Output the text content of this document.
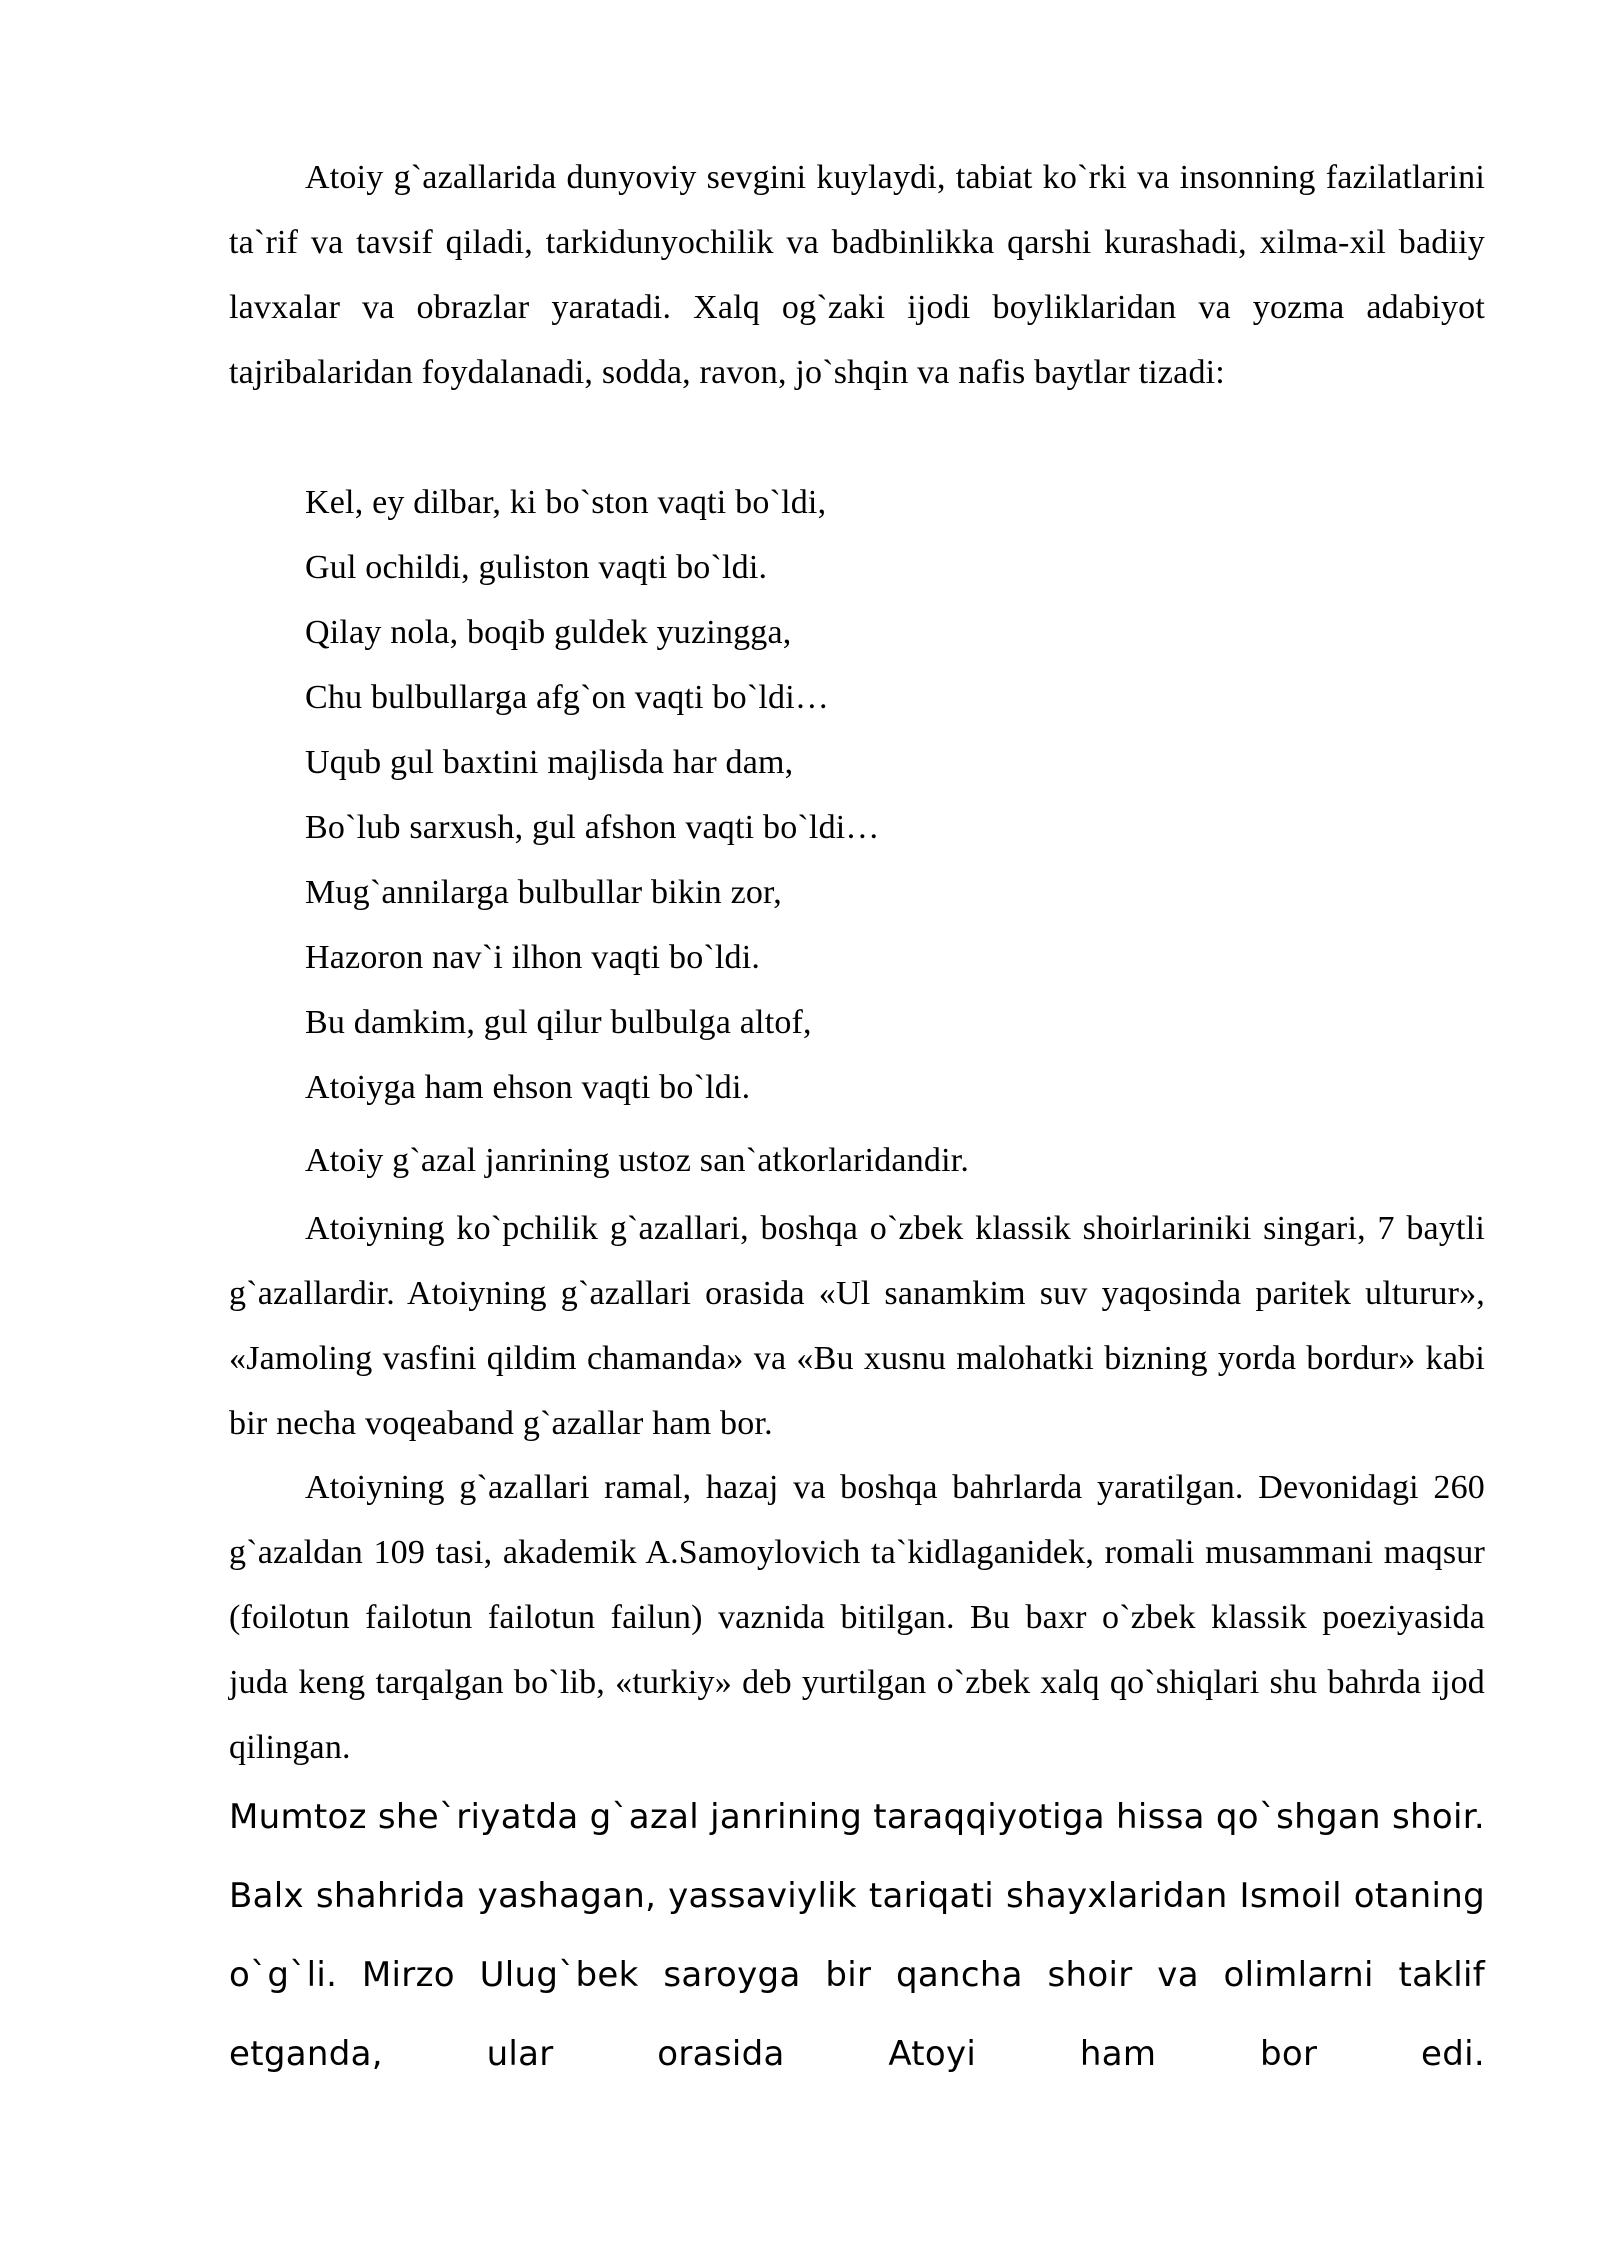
Atoiy g`azallarida dunyoviy sevgini kuylaydi, tabiat ko`rki va insonning fazilatlarini ta`rif va tavsif qiladi, tarkidunyochilik va badbinlikka qarshi kurashadi, xilma-xil badiiy lavxalar va obrazlar yaratadi. Xalq og`zaki ijodi boyliklaridan va yozma adabiyot tajribalaridan foydalanadi, sodda, ravon, jo`shqin va nafis baytlar tizadi:

Kel, ey dilbar, ki bo`ston vaqti bo`ldi,
Gul ochildi, guliston vaqti bo`ldi.
Qilay nola, boqib guldek yuzingga,
Chu bulbullarga afg`on vaqti bo`ldi…
Uqub gul baxtini majlisda har dam,
Bo`lub sarxush, gul afshon vaqti bo`ldi…
Mug`annilarga bulbullar bikin zor,
Hazoron nav`i ilhon vaqti bo`ldi.
Bu damkim, gul qilur bulbulga altof,
Atoiyga ham ehson vaqti bo`ldi.

Atoiy g`azal janrining ustoz san`atkorlaridandir.

Atoiyning ko`pchilik g`azallari, boshqa o`zbek klassik shoirlariniki singari, 7 baytli g`azallardir. Atoiyning g`azallari orasida «Ul sanamkim suv yaqosinda paritek ulturur», «Jamoling vasfini qildim chamanda» va «Bu xusnu malohatki bizning yorda bordur» kabi bir necha voqeaband g`azallar ham bor.

Atoiyning g`azallari ramal, hazaj va boshqa bahrlarda yaratilgan. Devonidagi 260 g`azaldan 109 tasi, akademik A.Samoylovich ta`kidlaganidek, romali musammani maqsur (foilotun failotun failotun failun) vaznida bitilgan. Bu baxr o`zbek klassik poeziyasida juda keng tarqalgan bo`lib, «turkiy» deb yurtilgan o`zbek xalq qo`shiqlari shu bahrda ijod qilingan.

Mumtoz she`riyatda g`azal janrining taraqqiyotiga hissa qo`shgan shoir. Balx shahrida yashagan, yassaviylik tariqati shayxlaridan Ismoil otaning o`g`li. Mirzo Ulug`bek saroyga bir qancha shoir va olimlarni taklif etganda, ular orasida Atoyi ham bor edi.
